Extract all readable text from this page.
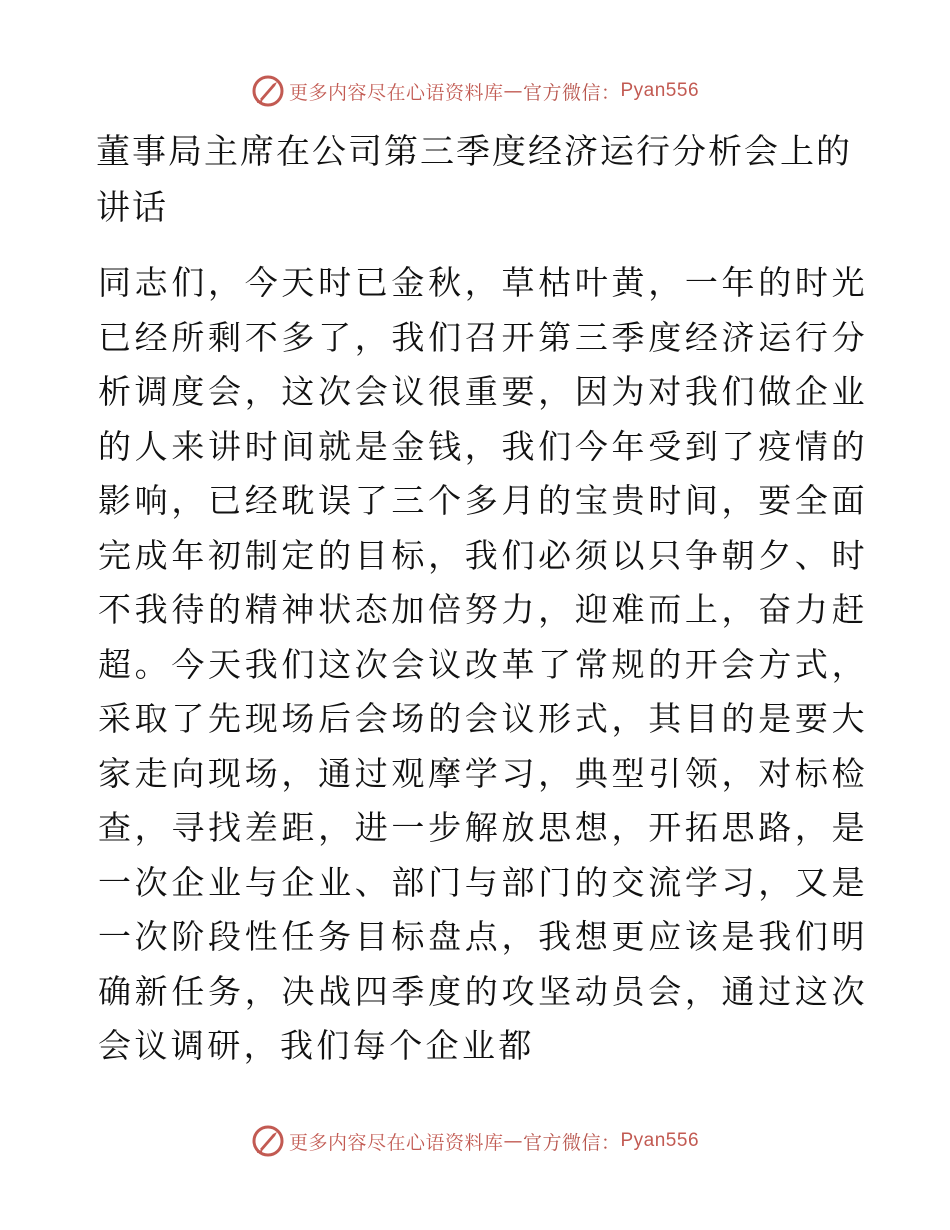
更多内容尽在心语资料库 — 官方微信： Pyan556
董事局主席在公司第三季度经济运行分析会上的讲话

同志们，今天时已金秋，草枯叶黄，一年的时光已经所剩不多了，我们召开第三季度经济运行分析调度会，这次会议很重要，因为对我们做企业的人来讲时间就是金钱，我们今年受到了疫情的影响，已经耽误了三个多月的宝贵时间，要全面完成年初制定的目标，我们必须以只争朝夕、时不我待的精神状态加倍努力，迎难而上，奋力赶超。今天我们这次会议改革了常规的开会方式，采取了先现场后会场的会议形式，其目的是要大家走向现场，通过观摩学习，典型引领，对标检查，寻找差距，进一步解放思想，开拓思路，是一次企业与企业、部门与部门的交流学习，又是一次阶段性任务目标盘点，我想更应该是我们明确新任务，决战四季度的攻坚动员会，通过这次会议调研，我们每个企业都

更多内容尽在心语资料库 — 官方微信： Pyan556
